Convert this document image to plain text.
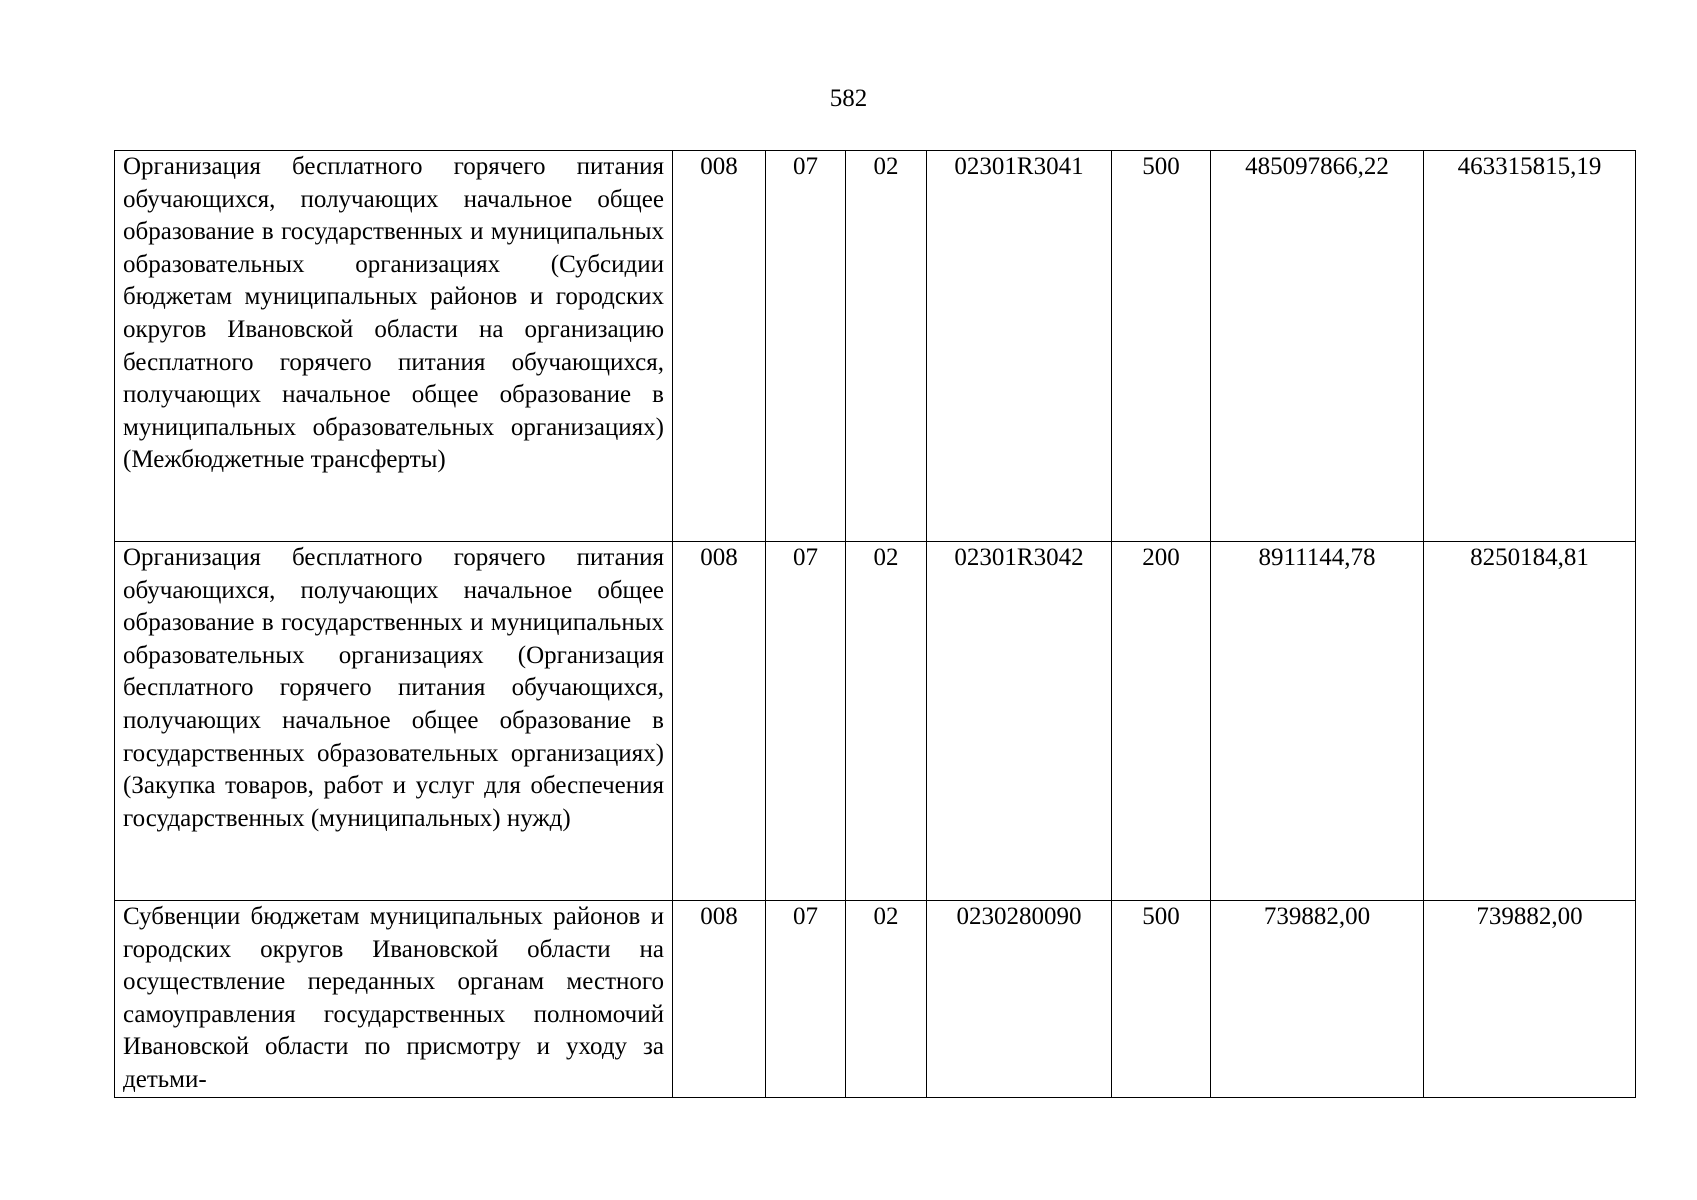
582
Организация бесплатного горячего питания обучающихся, получающих начальное общее образование в государственных и муниципальных образовательных организациях (Субсидии бюджетам муниципальных районов и городских округов Ивановской области на организацию бесплатного горячего питания обучающихся, получающих начальное общее образование в муниципальных образовательных организациях) (Межбюджетные трансферты)	008	07	02	02301R3041	500	485097866,22	463315815,19
Организация бесплатного горячего питания обучающихся, получающих начальное общее образование в государственных и муниципальных образовательных организациях (Организация бесплатного горячего питания обучающихся, получающих начальное общее образование в государственных образовательных организациях) (Закупка товаров, работ и услуг для обеспечения государственных (муниципальных) нужд)	008	07	02	02301R3042	200	8911144,78	8250184,81
Субвенции бюджетам муниципальных районов и городских округов Ивановской области на осуществление переданных органам местного самоуправления государственных полномочий Ивановской области по присмотру и уходу за детьми-	008	07	02	0230280090	500	739882,00	739882,00
